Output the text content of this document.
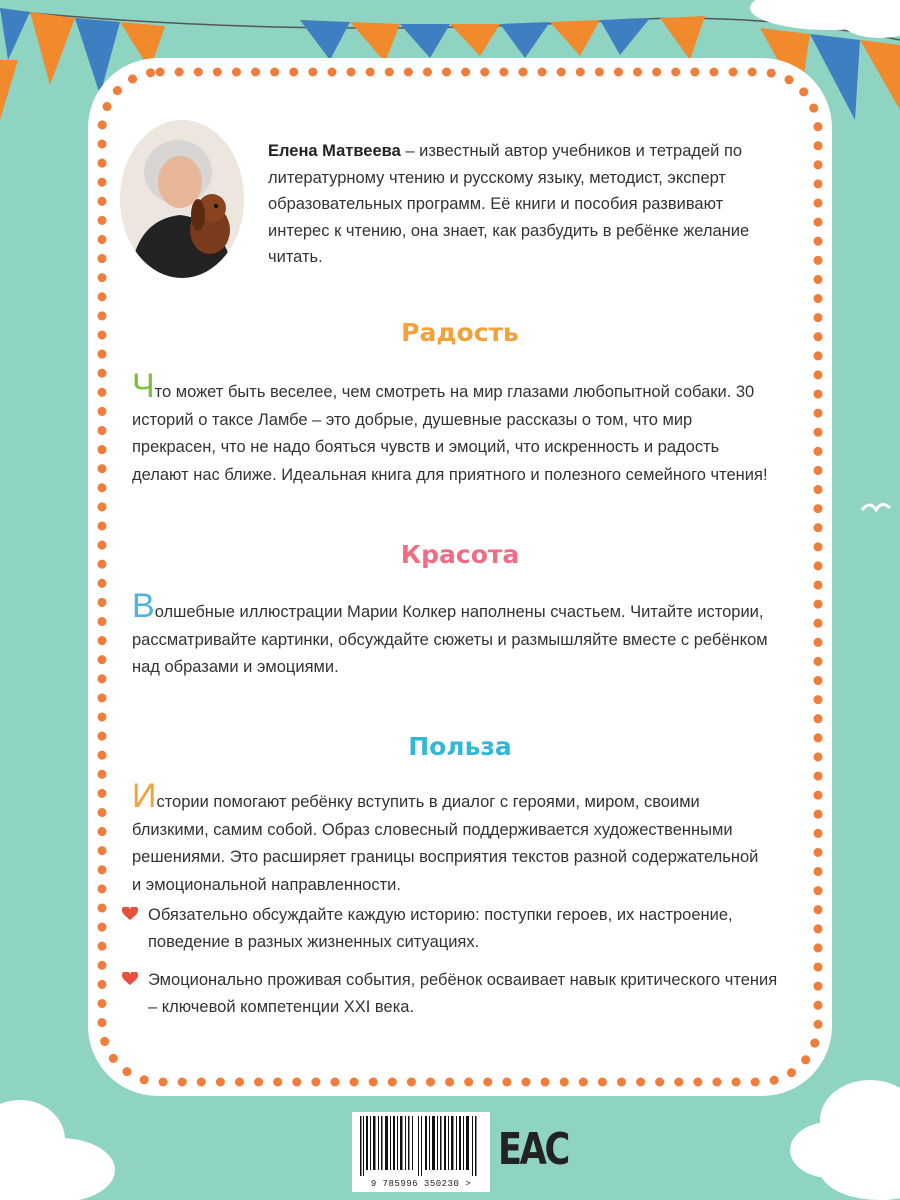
Елена Матвеева – известный автор учебников и тетрадей по литературному чтению и русскому языку, методист, эксперт образовательных программ. Её книги и пособия развивают интерес к чтению, она знает, как разбудить в ребёнке желание читать.
Радость
Что может быть веселее, чем смотреть на мир глазами любопытной собаки. 30 историй о таксе Ламбе – это добрые, душевные рассказы о том, что мир прекрасен, что не надо бояться чувств и эмоций, что искренность и радость делают нас ближе. Идеальная книга для приятного и полезного семейного чтения!
Красота
Волшебные иллюстрации Марии Колкер наполнены счастьем. Читайте истории, рассматривайте картинки, обсуждайте сюжеты и размышляйте вместе с ребёнком над образами и эмоциями.
Польза
Истории помогают ребёнку вступить в диалог с героями, миром, своими близкими, самим собой. Образ словесный поддерживается художественными решениями. Это расширяет границы восприятия текстов разной содержательной и эмоциональной направленности.
Обязательно обсуждайте каждую историю: поступки героев, их настроение, поведение в разных жизненных ситуациях.
Эмоционально проживая события, ребёнок осваивает навык критического чтения – ключевой компетенции XXI века.
9 785996 350230 >
EAC
